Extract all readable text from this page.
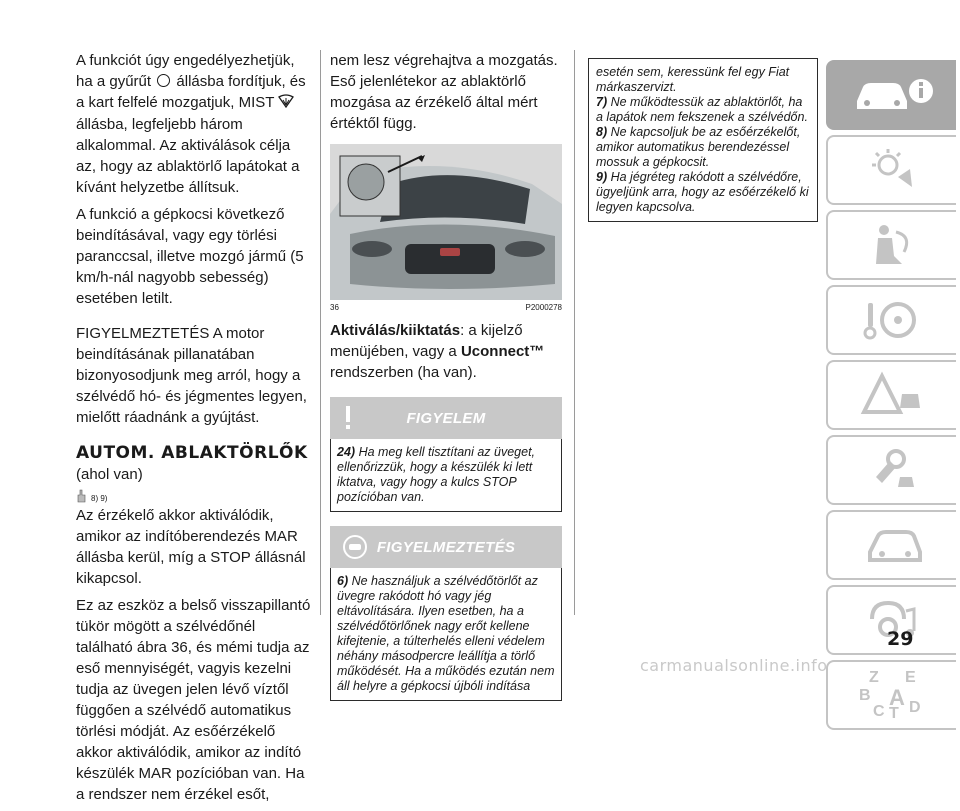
A funkciót úgy engedélyezhetjük, ha a gyűrűt állásba fordítjuk, és a kart felfelé mozgatjuk, MIST  állásba, legfeljebb három alkalommal. Az aktiválások célja az, hogy az ablaktörlő lapátokat a kívánt helyzetbe állítsuk.

A funkció a gépkocsi következő beindításával, vagy egy törlési paranccsal, illetve mozgó jármű (5 km/h-nál nagyobb sebesség) esetében letilt.

FIGYELMEZTETÉS A motor beindításának pillanatában bizonyosodjunk meg arról, hogy a szélvédő hó- és jégmentes legyen, mielőtt ráadnánk a gyújtást.

AUTOM. ABLAKTÖRLŐK
(ahol van)
8) 9)

Az érzékelő akkor aktiválódik, amikor az indítóberendezés MAR állásba kerül, míg a STOP állásnál kikapcsol.

Ez az eszköz a belső visszapillantó tükör mögött a szélvédőnél található ábra 36, és mémi tudja az eső mennyiségét, vagyis kezelni tudja az üvegen jelen lévő víztől függően a szélvédő automatikus törlési módját. Az esőérzékelő akkor aktiválódik, amikor az indító készülék MAR pozícióban van. Ha a rendszer nem érzékel esőt,

nem lesz végrehajtva a mozgatás. Eső jelenlétekor az ablaktörlő mozgása az érzékelő által mért értéktől függ.

36	P2000278

Aktiválás/kiiktatás: a kijelző menüjében, vagy a Uconnect™ rendszerben (ha van).

FIGYELEM
24) Ha meg kell tisztítani az üveget, ellenőrizzük, hogy a készülék ki lett iktatva, vagy hogy a kulcs STOP pozícióban van.
FIGYELMEZTETÉS
6) Ne használjuk a szélvédőtörlőt az üvegre rakódott hó vagy jég eltávolítására. Ilyen esetben, ha a szélvédőtörlőnek nagy erőt kellene kifejtenie, a túlterhelés elleni védelem néhány másodpercre leállítja a törlő működését. Ha a működés ezután nem áll helyre a gépkocsi újbóli indítása

esetén sem, keressünk fel egy Fiat márkaszervizt.

7) Ne működtessük az ablaktörlőt, ha a lapátok nem fekszenek a szélvédőn.

8) Ne kapcsoljuk be az esőérzékelőt, amikor automatikus berendezéssel mossuk a gépkocsit.

9) Ha jégréteg rakódott a szélvédőre, ügyeljünk arra, hogy az esőérzékelő ki legyen kapcsolva.

Z E
B A
C D
T
29
carmanualsonline.info
